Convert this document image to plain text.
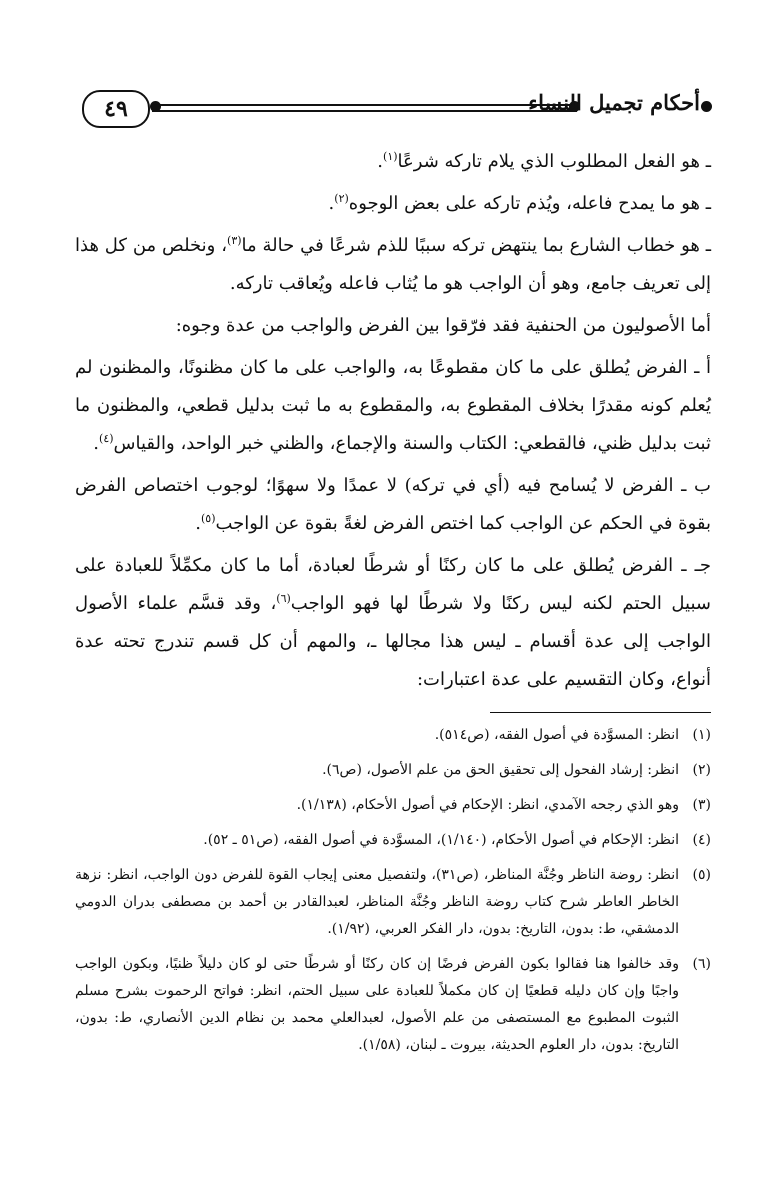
٤٩	أحكام تجميل النساء

ـ هو الفعل المطلوب الذي يلام تاركه شرعًا$^{(١)}$.

ـ هو ما يمدح فاعله، ويُذم تاركه على بعض الوجوه$^{(٢)}$.

ـ هو خطاب الشارع بما ينتهض تركه سببًا للذم شرعًا في حالة ما$^{(٣)}$، ونخلص من كل هذا إلى تعريف جامع، وهو أن الواجب هو ما يُثاب فاعله ويُعاقب تاركه.

أما الأصوليون من الحنفية فقد فرّقوا بين الفرض والواجب من عدة وجوه:

أ ـ الفرض يُطلق على ما كان مقطوعًا به، والواجب على ما كان مظنونًا، والمظنون لم يُعلم كونه مقدرًا بخلاف المقطوع به، والمقطوع به ما ثبت بدليل قطعي، والمظنون ما ثبت بدليل ظني، فالقطعي: الكتاب والسنة والإجماع، والظني خبر الواحد، والقياس$^{(٤)}$.

ب ـ الفرض لا يُسامح فيه (أي في تركه) لا عمدًا ولا سهوًا؛ لوجوب اختصاص الفرض بقوة في الحكم عن الواجب كما اختص الفرض لغةً بقوة عن الواجب$^{(٥)}$.

جـ ـ الفرض يُطلق على ما كان ركنًا أو شرطًا لعبادة، أما ما كان مكمِّلاً للعبادة على سبيل الحتم لكنه ليس ركنًا ولا شرطًا لها فهو الواجب$^{(٦)}$، وقد قسَّم علماء الأصول الواجب إلى عدة أقسام ـ ليس هذا مجالها ـ، والمهم أن كل قسم تندرج تحته عدة أنواع، وكان التقسيم على عدة اعتبارات:

(١)
انظر: المسوَّدة في أصول الفقه، (ص٥١٤).
(٢)
انظر: إرشاد الفحول إلى تحقيق الحق من علم الأصول، (ص٦).
(٣)
وهو الذي رجحه الآمدي، انظر: الإحكام في أصول الأحكام، (١/١٣٨).
(٤)
انظر: الإحكام في أصول الأحكام، (١/١٤٠)، المسوَّدة في أصول الفقه، (ص٥١ ـ ٥٢).
(٥)
انظر: روضة الناظر وجُنَّة المناظر، (ص٣١)، ولتفصيل معنى إيجاب القوة للفرض دون الواجب، انظر: نزهة الخاطر العاطر شرح كتاب روضة الناظر وجُنَّة المناظر، لعبدالقادر بن أحمد بن مصطفى بدران الدومي الدمشقي، ط: بدون، التاريخ: بدون، دار الفكر العربي، (١/٩٢).
(٦)
وقد خالفوا هنا فقالوا بكون الفرض فرضًا إن كان ركنًا أو شرطًا حتى لو كان دليلاً ظنيًا، وبكون الواجب واجبًا وإن كان دليله قطعيًا إن كان مكملاً للعبادة على سبيل الحتم، انظر: فواتح الرحموت بشرح مسلم الثبوت المطبوع مع المستصفى من علم الأصول، لعبدالعلي محمد بن نظام الدين الأنصاري، ط: بدون، التاريخ: بدون، دار العلوم الحديثة، بيروت ـ لبنان، (١/٥٨).
